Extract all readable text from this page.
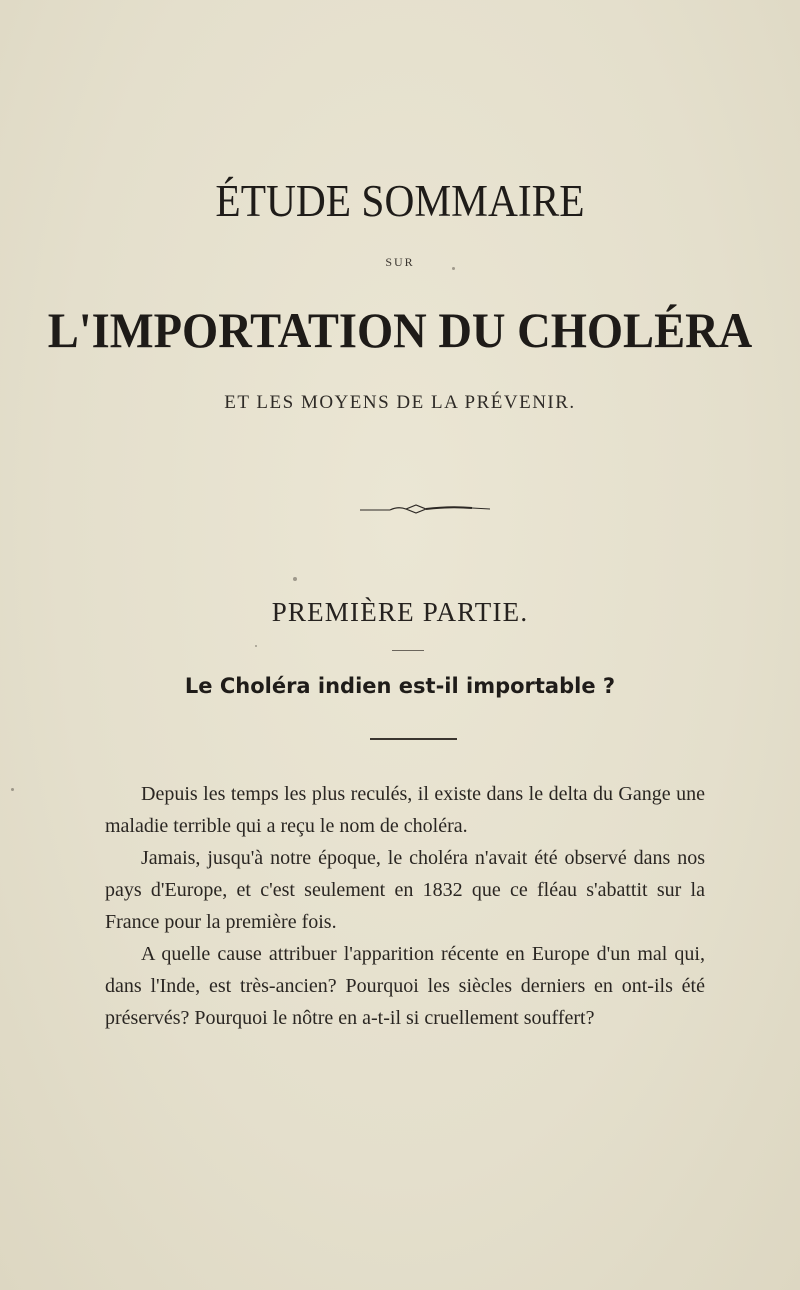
ÉTUDE SOMMAIRE
SUR
L'IMPORTATION DU CHOLÉRA
ET LES MOYENS DE LA PRÉVENIR.
PREMIÈRE PARTIE.
Le Choléra indien est-il importable ?

Depuis les temps les plus reculés, il existe dans le delta du Gange une maladie terrible qui a reçu le nom de choléra.

Jamais, jusqu'à notre époque, le choléra n'avait été observé dans nos pays d'Europe, et c'est seulement en 1832 que ce fléau s'abattit sur la France pour la première fois.

A quelle cause attribuer l'apparition récente en Europe d'un mal qui, dans l'Inde, est très-ancien? Pourquoi les siècles derniers en ont-ils été préservés? Pourquoi le nôtre en a-t-il si cruellement souffert?
